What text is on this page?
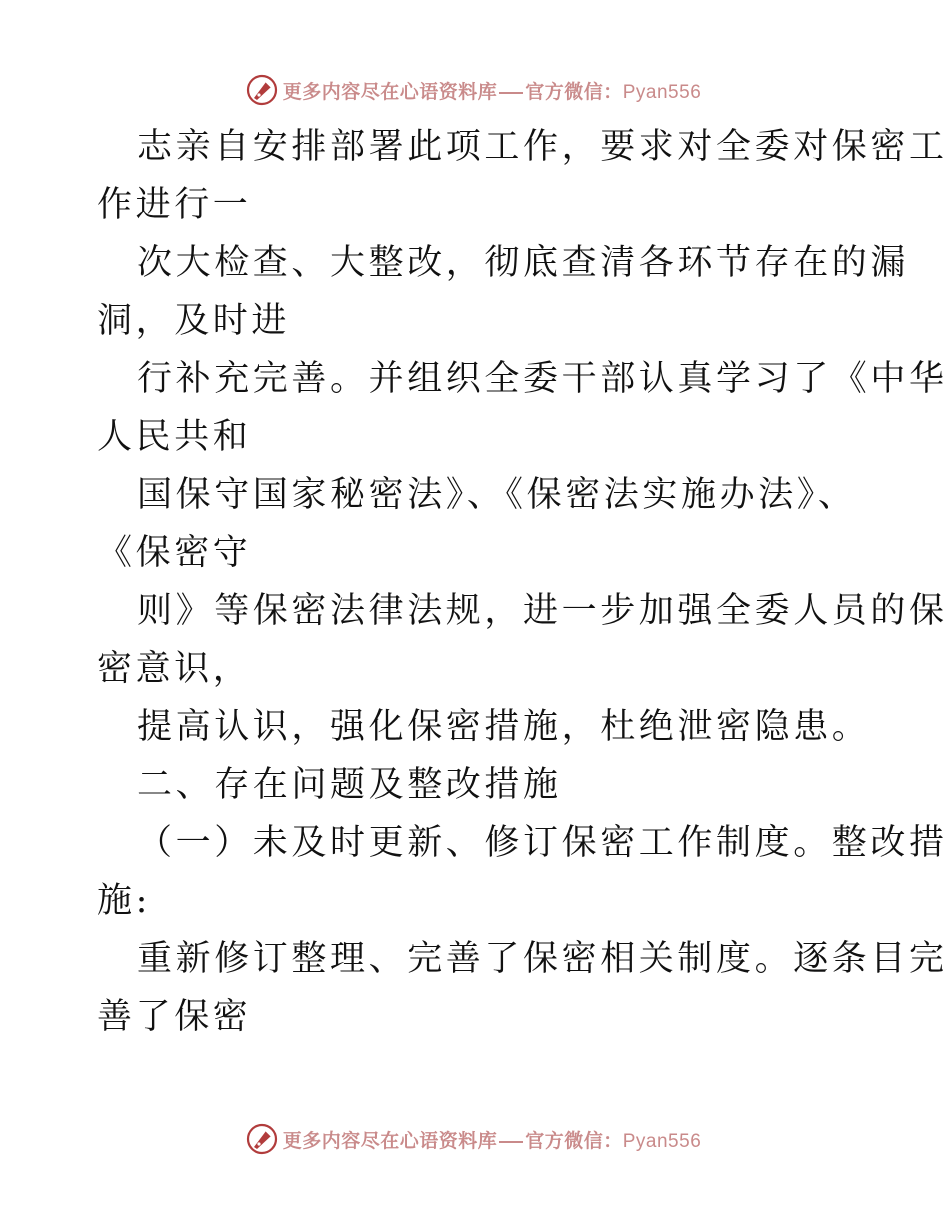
更多内容尽在心语资料库 官方微信：Pyan556
志亲自安排部署此项工作，要求对全委对保密工
作进行一
次大检查、大整改，彻底查清各环节存在的漏
洞，及时进
行补充完善。并组织全委干部认真学习了《中华
人民共和
国保守国家秘密法》、《保密法实施办法》、
《保密守
则》等保密法律法规，进一步加强全委人员的保
密意识，
提高认识，强化保密措施，杜绝泄密隐患。
二、存在问题及整改措施
（一）未及时更新、修订保密工作制度。整改措
施:
重新修订整理、完善了保密相关制度。逐条目完
善了保密
更多内容尽在心语资料库 官方微信：Pyan556
